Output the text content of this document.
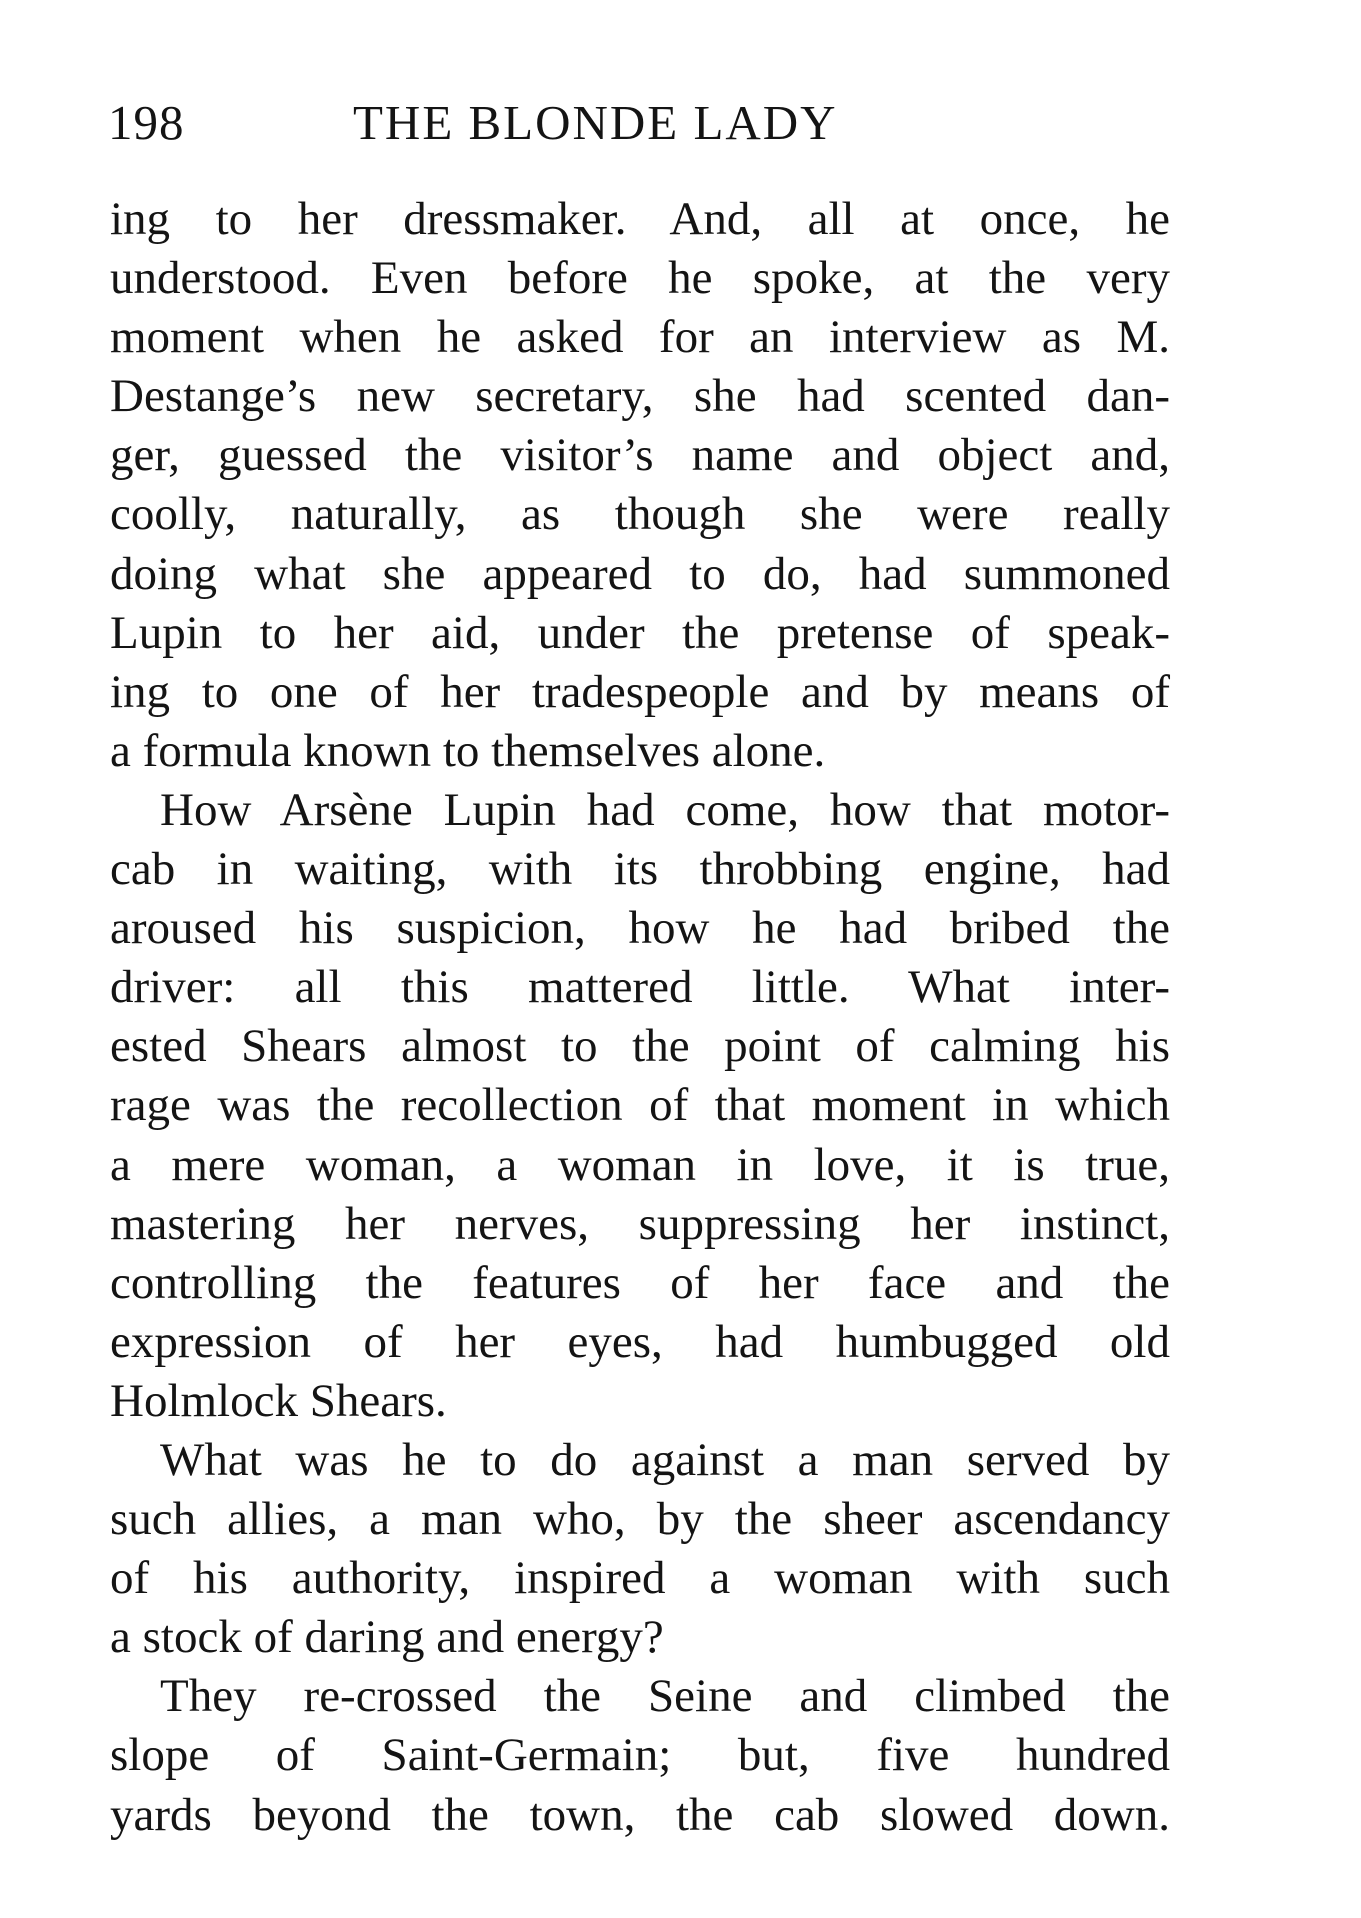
198	THE BLONDE LADY
ing to her dressmaker. And, all at once, he
understood. Even before he spoke, at the very
moment when he asked for an interview as M.
Destange’s new secretary, she had scented dan-
ger, guessed the visitor’s name and object and,
coolly, naturally, as though she were really
doing what she appeared to do, had summoned
Lupin to her aid, under the pretense of speak-
ing to one of her tradespeople and by means of
a formula known to themselves alone.
How Arsène Lupin had come, how that motor-
cab in waiting, with its throbbing engine, had
aroused his suspicion, how he had bribed the
driver: all this mattered little. What inter-
ested Shears almost to the point of calming his
rage was the recollection of that moment in which
a mere woman, a woman in love, it is true,
mastering her nerves, suppressing her instinct,
controlling the features of her face and the
expression of her eyes, had humbugged old
Holmlock Shears.
What was he to do against a man served by
such allies, a man who, by the sheer ascendancy
of his authority, inspired a woman with such
a stock of daring and energy?
They re-crossed the Seine and climbed the
slope of Saint-Germain; but, five hundred
yards beyond the town, the cab slowed down.
